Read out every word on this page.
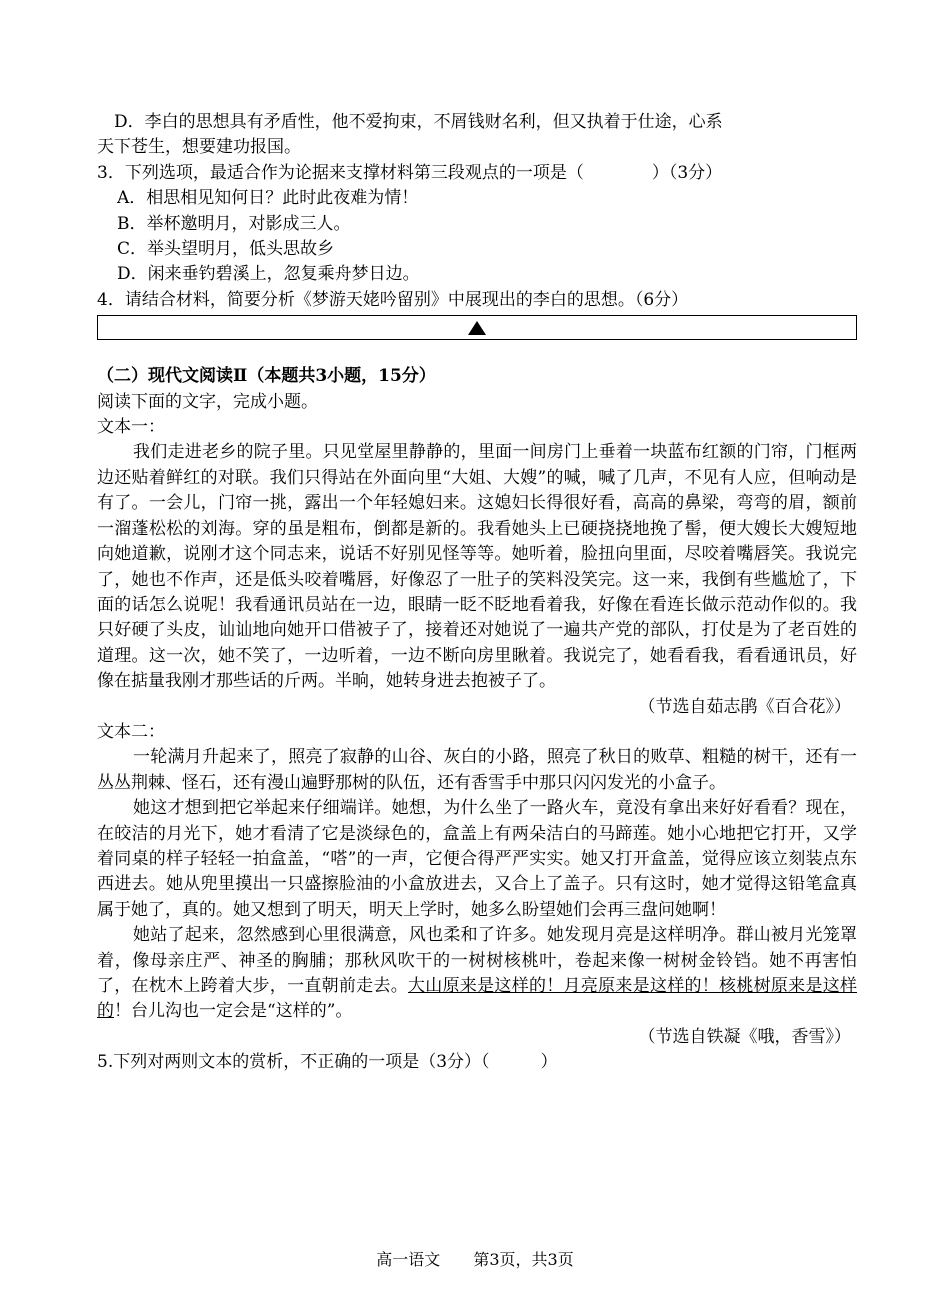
　D．李白的思想具有矛盾性，他不爱拘束，不屑钱财名利，但又执着于仕途，心系
天下苍生，想要建功报国。
3．下列选项，最适合作为论据来支撑材料第三段观点的一项是（　　　　）（3分）
A．相思相见知何日？此时此夜难为情！
B．举杯邀明月，对影成三人。
C．举头望明月，低头思故乡
D．闲来垂钓碧溪上，忽复乘舟梦日边。
4．请结合材料，简要分析《梦游天姥吟留别》中展现出的李白的思想。（6分）
（二）现代文阅读Ⅱ（本题共3小题，15分）
阅读下面的文字，完成小题。
文本一：
我们走进老乡的院子里。只见堂屋里静静的，里面一间房门上垂着一块蓝布红额的门帘，门框两边还贴着鲜红的对联。我们只得站在外面向里“大姐、大嫂”的喊，喊了几声，不见有人应，但响动是有了。一会儿，门帘一挑，露出一个年轻媳妇来。这媳妇长得很好看，高高的鼻梁，弯弯的眉，额前一溜蓬松松的刘海。穿的虽是粗布，倒都是新的。我看她头上已硬挠挠地挽了髻，便大嫂长大嫂短地向她道歉，说刚才这个同志来，说话不好别见怪等等。她听着，脸扭向里面，尽咬着嘴唇笑。我说完了，她也不作声，还是低头咬着嘴唇，好像忍了一肚子的笑料没笑完。这一来，我倒有些尴尬了，下面的话怎么说呢！我看通讯员站在一边，眼睛一眨不眨地看着我，好像在看连长做示范动作似的。我只好硬了头皮，讪讪地向她开口借被子了，接着还对她说了一遍共产党的部队，打仗是为了老百姓的道理。这一次，她不笑了，一边听着，一边不断向房里瞅着。我说完了，她看看我，看看通讯员，好像在掂量我刚才那些话的斤两。半晌，她转身进去抱被子了。
（节选自茹志鹃《百合花》）
文本二：
一轮满月升起来了，照亮了寂静的山谷、灰白的小路，照亮了秋日的败草、粗糙的树干，还有一丛丛荆棘、怪石，还有漫山遍野那树的队伍，还有香雪手中那只闪闪发光的小盒子。
她这才想到把它举起来仔细端详。她想，为什么坐了一路火车，竟没有拿出来好好看看？现在，在皎洁的月光下，她才看清了它是淡绿色的，盒盖上有两朵洁白的马蹄莲。她小心地把它打开，又学着同桌的样子轻轻一拍盒盖，“嗒”的一声，它便合得严严实实。她又打开盒盖，觉得应该立刻装点东西进去。她从兜里摸出一只盛擦脸油的小盒放进去，又合上了盖子。只有这时，她才觉得这铅笔盒真属于她了，真的。她又想到了明天，明天上学时，她多么盼望她们会再三盘问她啊！
她站了起来，忽然感到心里很满意，风也柔和了许多。她发现月亮是这样明净。群山被月光笼罩着，像母亲庄严、神圣的胸脯；那秋风吹干的一树树核桃叶，卷起来像一树树金铃铛。她不再害怕了，在枕木上跨着大步，一直朝前走去。大山原来是这样的！月亮原来是这样的！核桃树原来是这样的！台儿沟也一定会是“这样的”。
（节选自铁凝《哦，香雪》）
5.下列对两则文本的赏析，不正确的一项是（3分）（　　　）
高一语文 第3页，共3页
